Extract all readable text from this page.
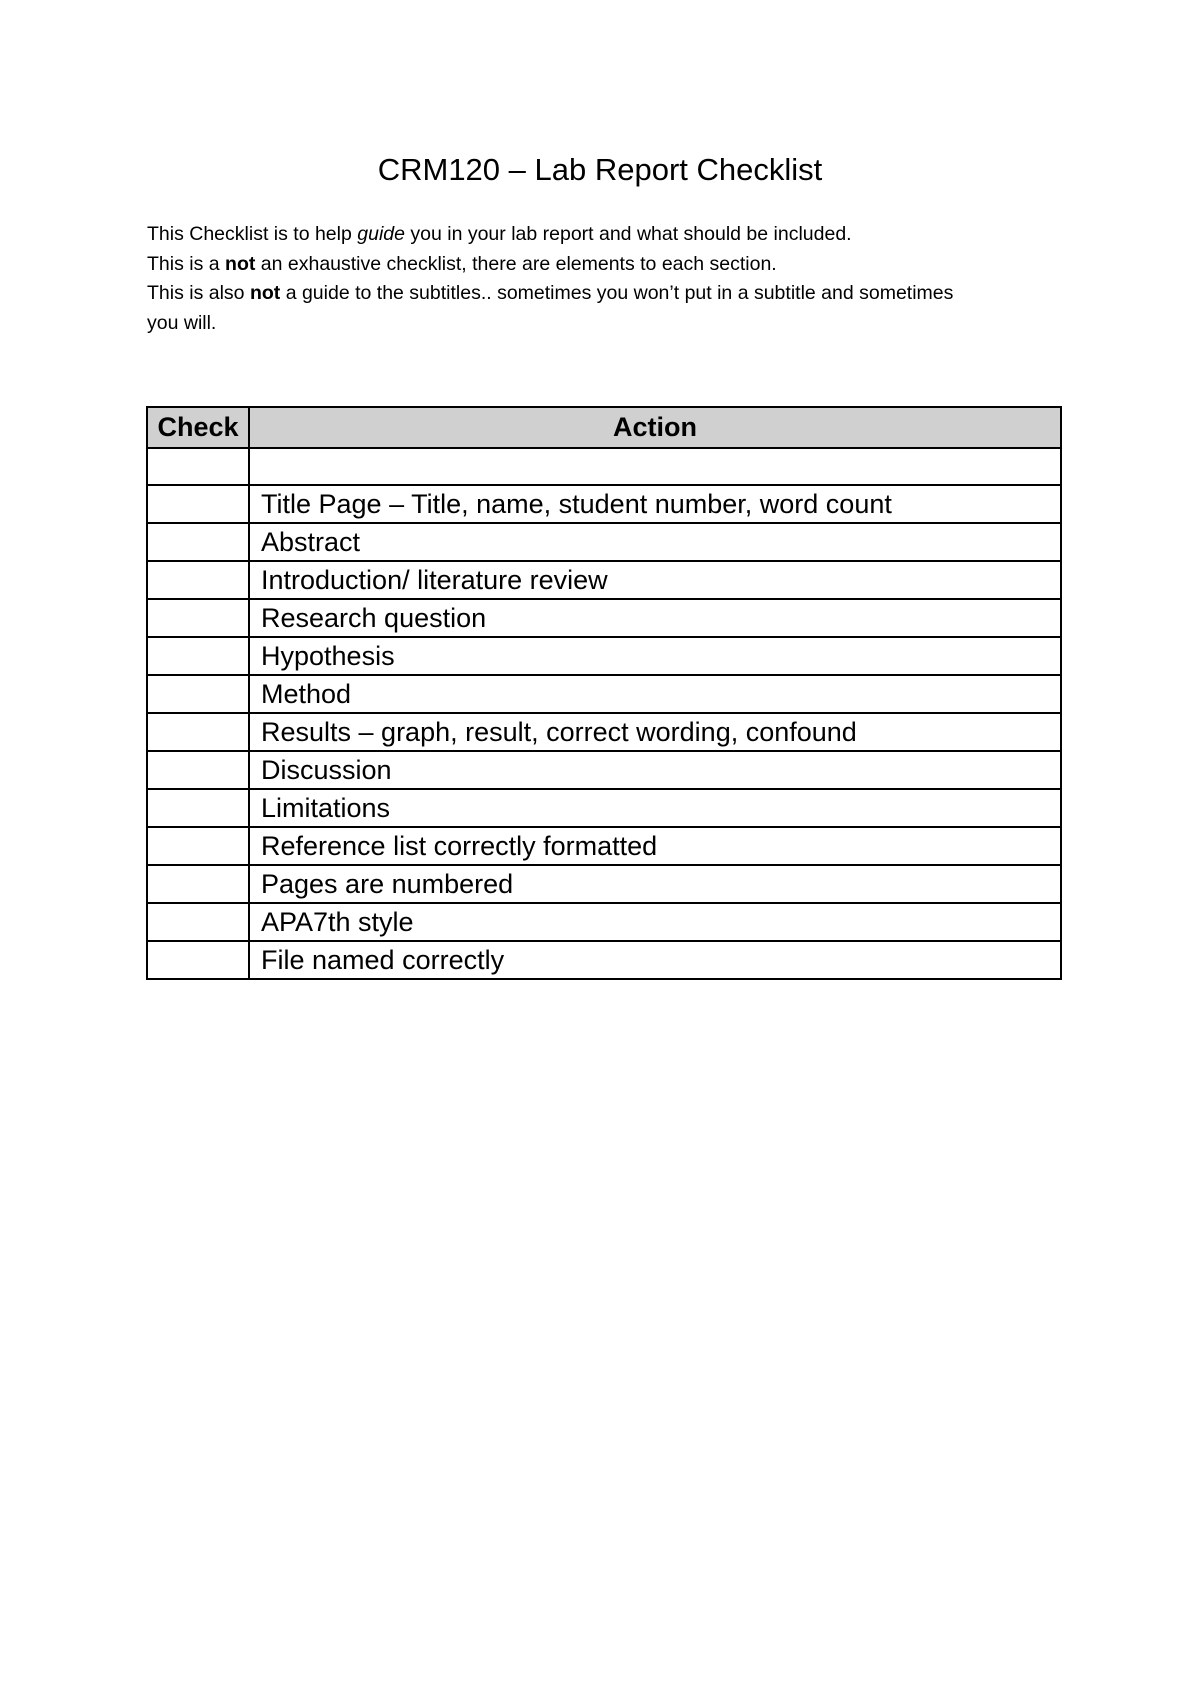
CRM120 – Lab Report Checklist

This Checklist is to help guide you in your lab report and what should be included.

This is a not an exhaustive checklist, there are elements to each section.

This is also not a guide to the subtitles.. sometimes you won’t put in a subtitle and sometimes you will.

Check	Action

	Title Page – Title, name, student number, word count
	Abstract
	Introduction/ literature review
	Research question
	Hypothesis
	Method
	Results – graph, result, correct wording, confound
	Discussion
	Limitations
	Reference list correctly formatted
	Pages are numbered
	APA7th style
	File named correctly
